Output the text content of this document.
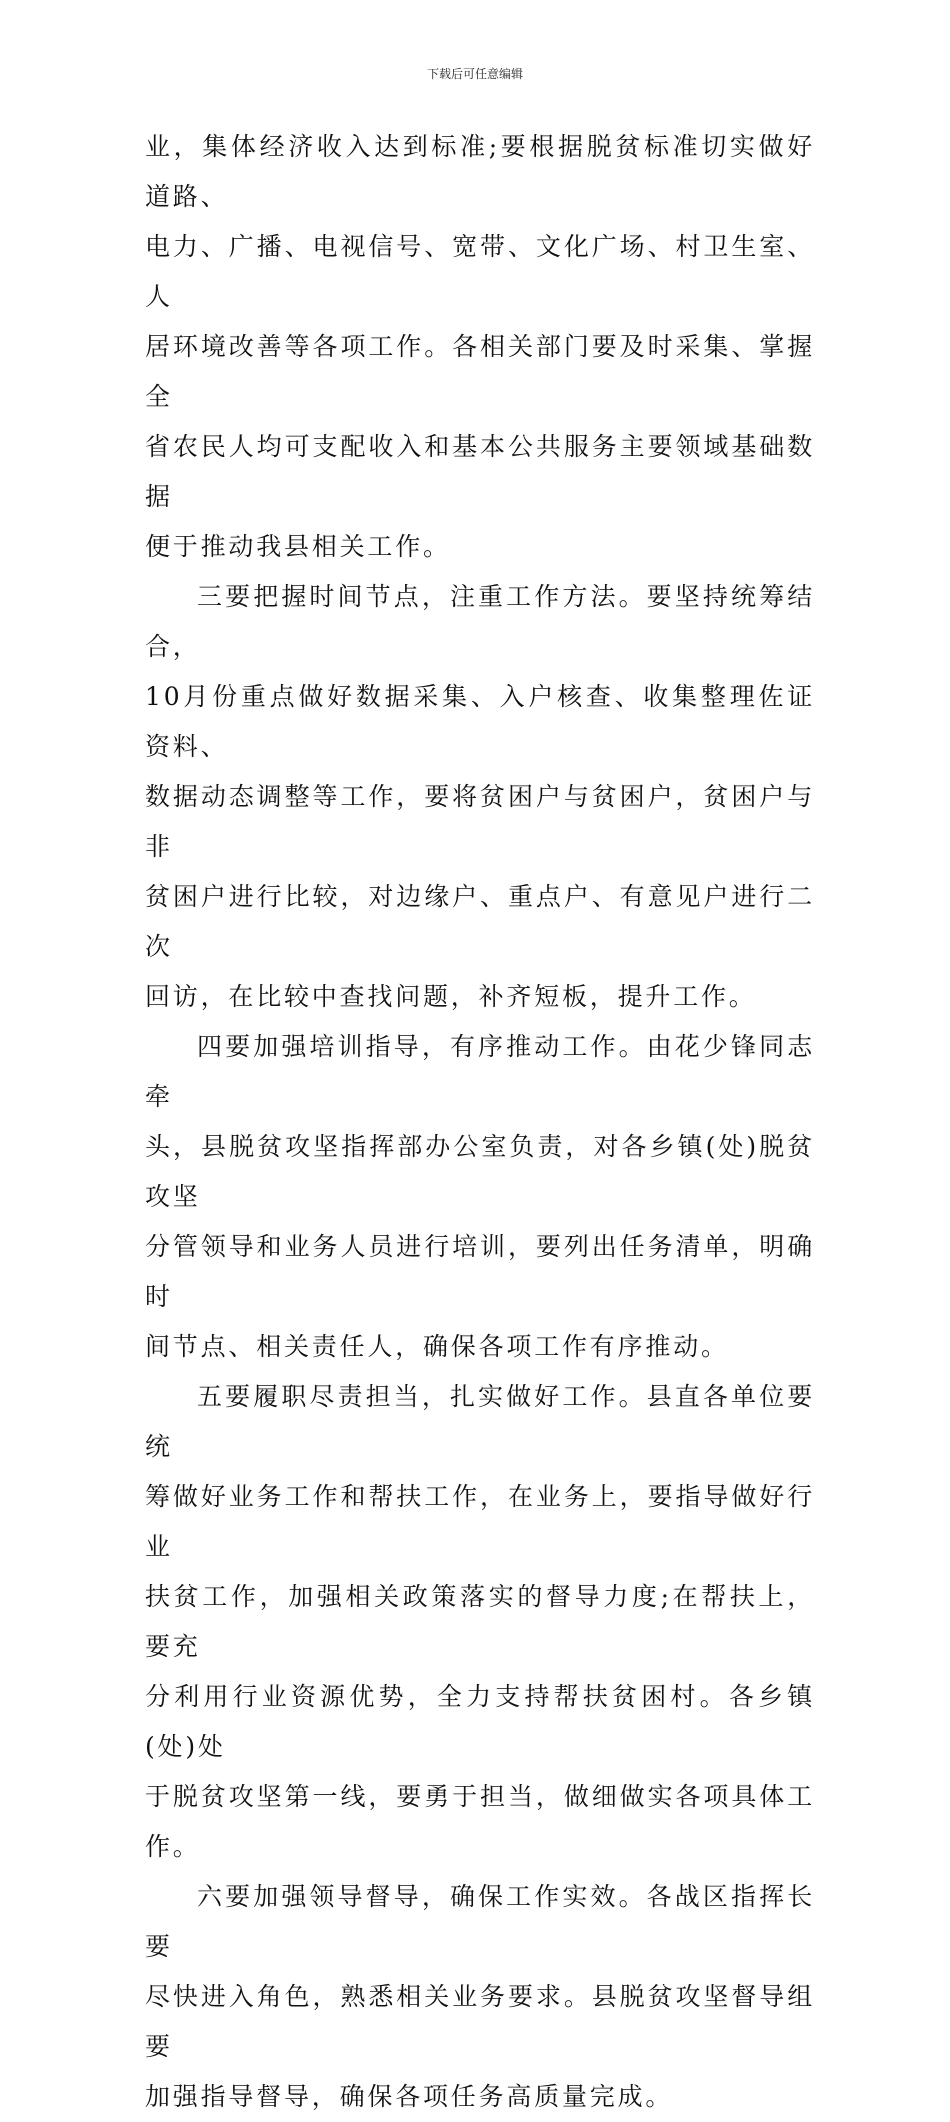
下载后可任意编辑

业，集体经济收入达到标准;要根据脱贫标准切实做好道路、
电力、广播、电视信号、宽带、文化广场、村卫生室、人
居环境改善等各项工作。各相关部门要及时采集、掌握全
省农民人均可支配收入和基本公共服务主要领域基础数据
便于推动我县相关工作。

三要把握时间节点，注重工作方法。要坚持统筹结合，
10月份重点做好数据采集、入户核查、收集整理佐证资料、
数据动态调整等工作，要将贫困户与贫困户，贫困户与非
贫困户进行比较，对边缘户、重点户、有意见户进行二次
回访，在比较中查找问题，补齐短板，提升工作。

四要加强培训指导，有序推动工作。由花少锋同志牵
头，县脱贫攻坚指挥部办公室负责，对各乡镇(处)脱贫攻坚
分管领导和业务人员进行培训，要列出任务清单，明确时
间节点、相关责任人，确保各项工作有序推动。

五要履职尽责担当，扎实做好工作。县直各单位要统
筹做好业务工作和帮扶工作，在业务上，要指导做好行业
扶贫工作，加强相关政策落实的督导力度;在帮扶上，要充
分利用行业资源优势，全力支持帮扶贫困村。各乡镇(处)处
于脱贫攻坚第一线，要勇于担当，做细做实各项具体工作。

六要加强领导督导，确保工作实效。各战区指挥长要
尽快进入角色，熟悉相关业务要求。县脱贫攻坚督导组要
加强指导督导，确保各项任务高质量完成。
